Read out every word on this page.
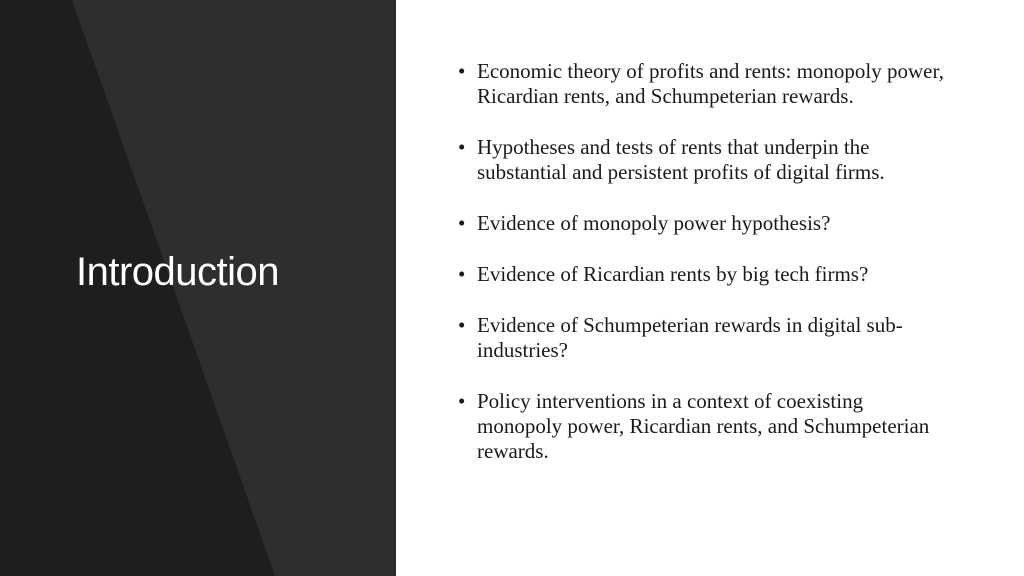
Introduction
• Economic theory of profits and rents: monopoly power, Ricardian rents, and Schumpeterian rewards.
• Hypotheses and tests of rents that underpin the substantial and persistent profits of digital firms.
• Evidence of monopoly power hypothesis?
• Evidence of Ricardian rents by big tech firms?
• Evidence of Schumpeterian rewards in digital sub-industries?
• Policy interventions in a context of coexisting monopoly power, Ricardian rents, and Schumpeterian rewards.
